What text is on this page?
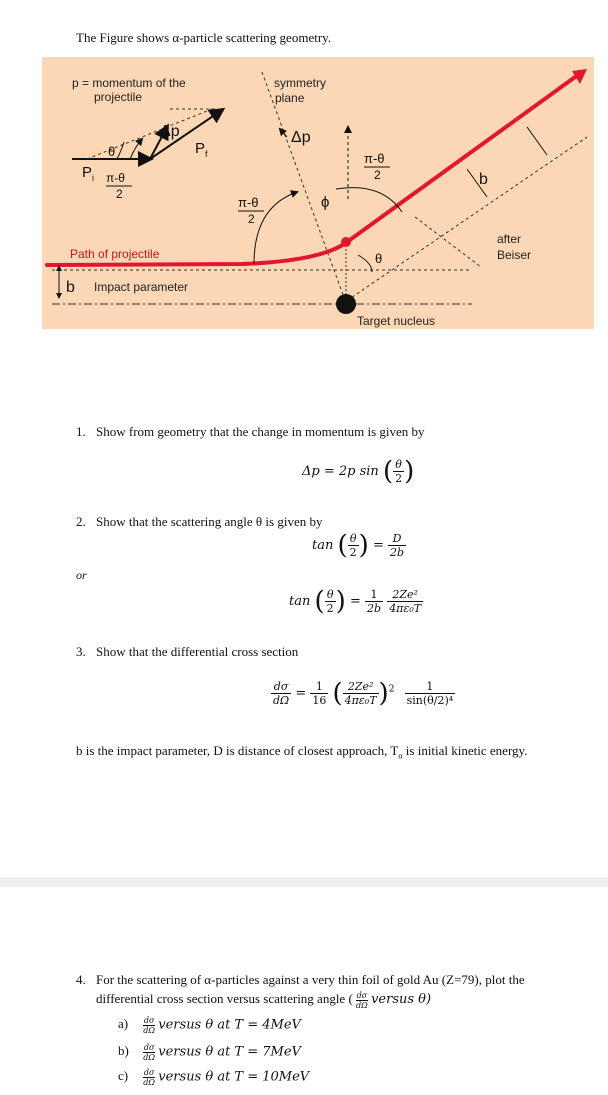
The Figure shows α-particle scattering geometry.
p = momentum of the
projectile
symmetry
plane
Δp	Δp
θ
P i
P f
π-θ
2
π-θ
2
π-θ
2
ϕ
θ
b
after
Beiser
Path of projectile
b Impact parameter
Target nucleus
1. Show from geometry that the change in momentum is given by
Δp = 2p sin ( $\frac{\theta}{2}$ )
2. Show that the scattering angle θ is given by
tan ( $\frac{\theta}{2}$ ) = $\frac{D}{2b}$
or
tan ( $\frac{\theta}{2}$ ) = $\frac{1}{2b}$
$\frac{\text{2Ze²}}{\text{4πε₀T}}$
3. Show that the differential cross section
$\frac{d\sigma}{d\Omega} = \frac{1}{16}$ ( $\frac{\text{2Ze²}}{\text{4πε₀T}} )^2 \frac{1}{\text{sin(θ/2)⁴}}$
b is the impact parameter, D is distance of closest approach, $T_\alpha$ is initial kinetic energy.
4. For the scattering of α-particles against a very thin foil of gold Au (Z=79), plot the
differential cross section versus scattering angle ( $\frac{d\sigma}{d\Omega}$ versus θ)
$a) \frac{d\sigma}{d\Omega}$ versus θ at T = 4MeV
$b) \frac{d\sigma}{d\Omega}$ versus θ at T = 7MeV
$c) \frac{d\sigma}{d\Omega}$ versus θ at T = 10MeV
